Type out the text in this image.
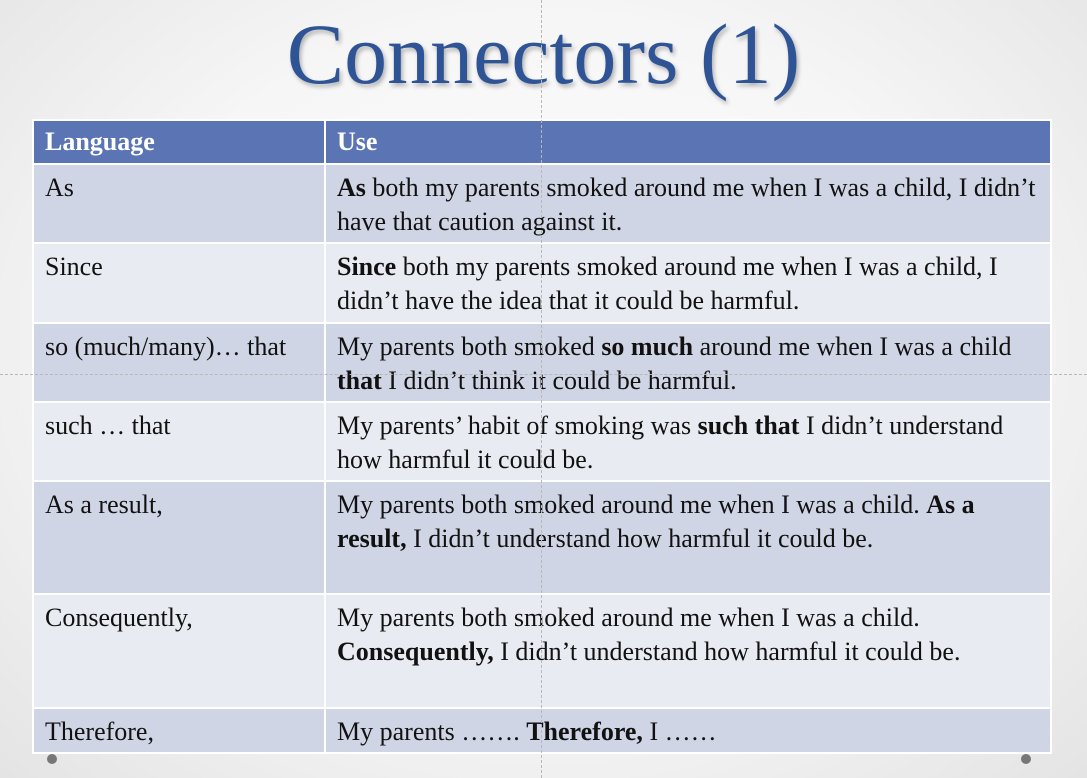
Connectors (1)
Language	Use
As	As both my parents smoked around me when I was a child, I didn’t have that caution against it.
Since	Since both my parents smoked around me when I was a child, I didn’t have the idea that it could be harmful.
so (much/many)… that	My parents both smoked so much around me when I was a child that I didn’t think it could be harmful.
such … that	My parents’ habit of smoking was such that I didn’t understand how harmful it could be.
As a result,	My parents both smoked around me when I was a child. As a result, I didn’t understand how harmful it could be.
Consequently,	My parents both smoked around me when I was a child. Consequently, I didn’t understand how harmful it could be.
Therefore,	My parents ……. Therefore, I ……
